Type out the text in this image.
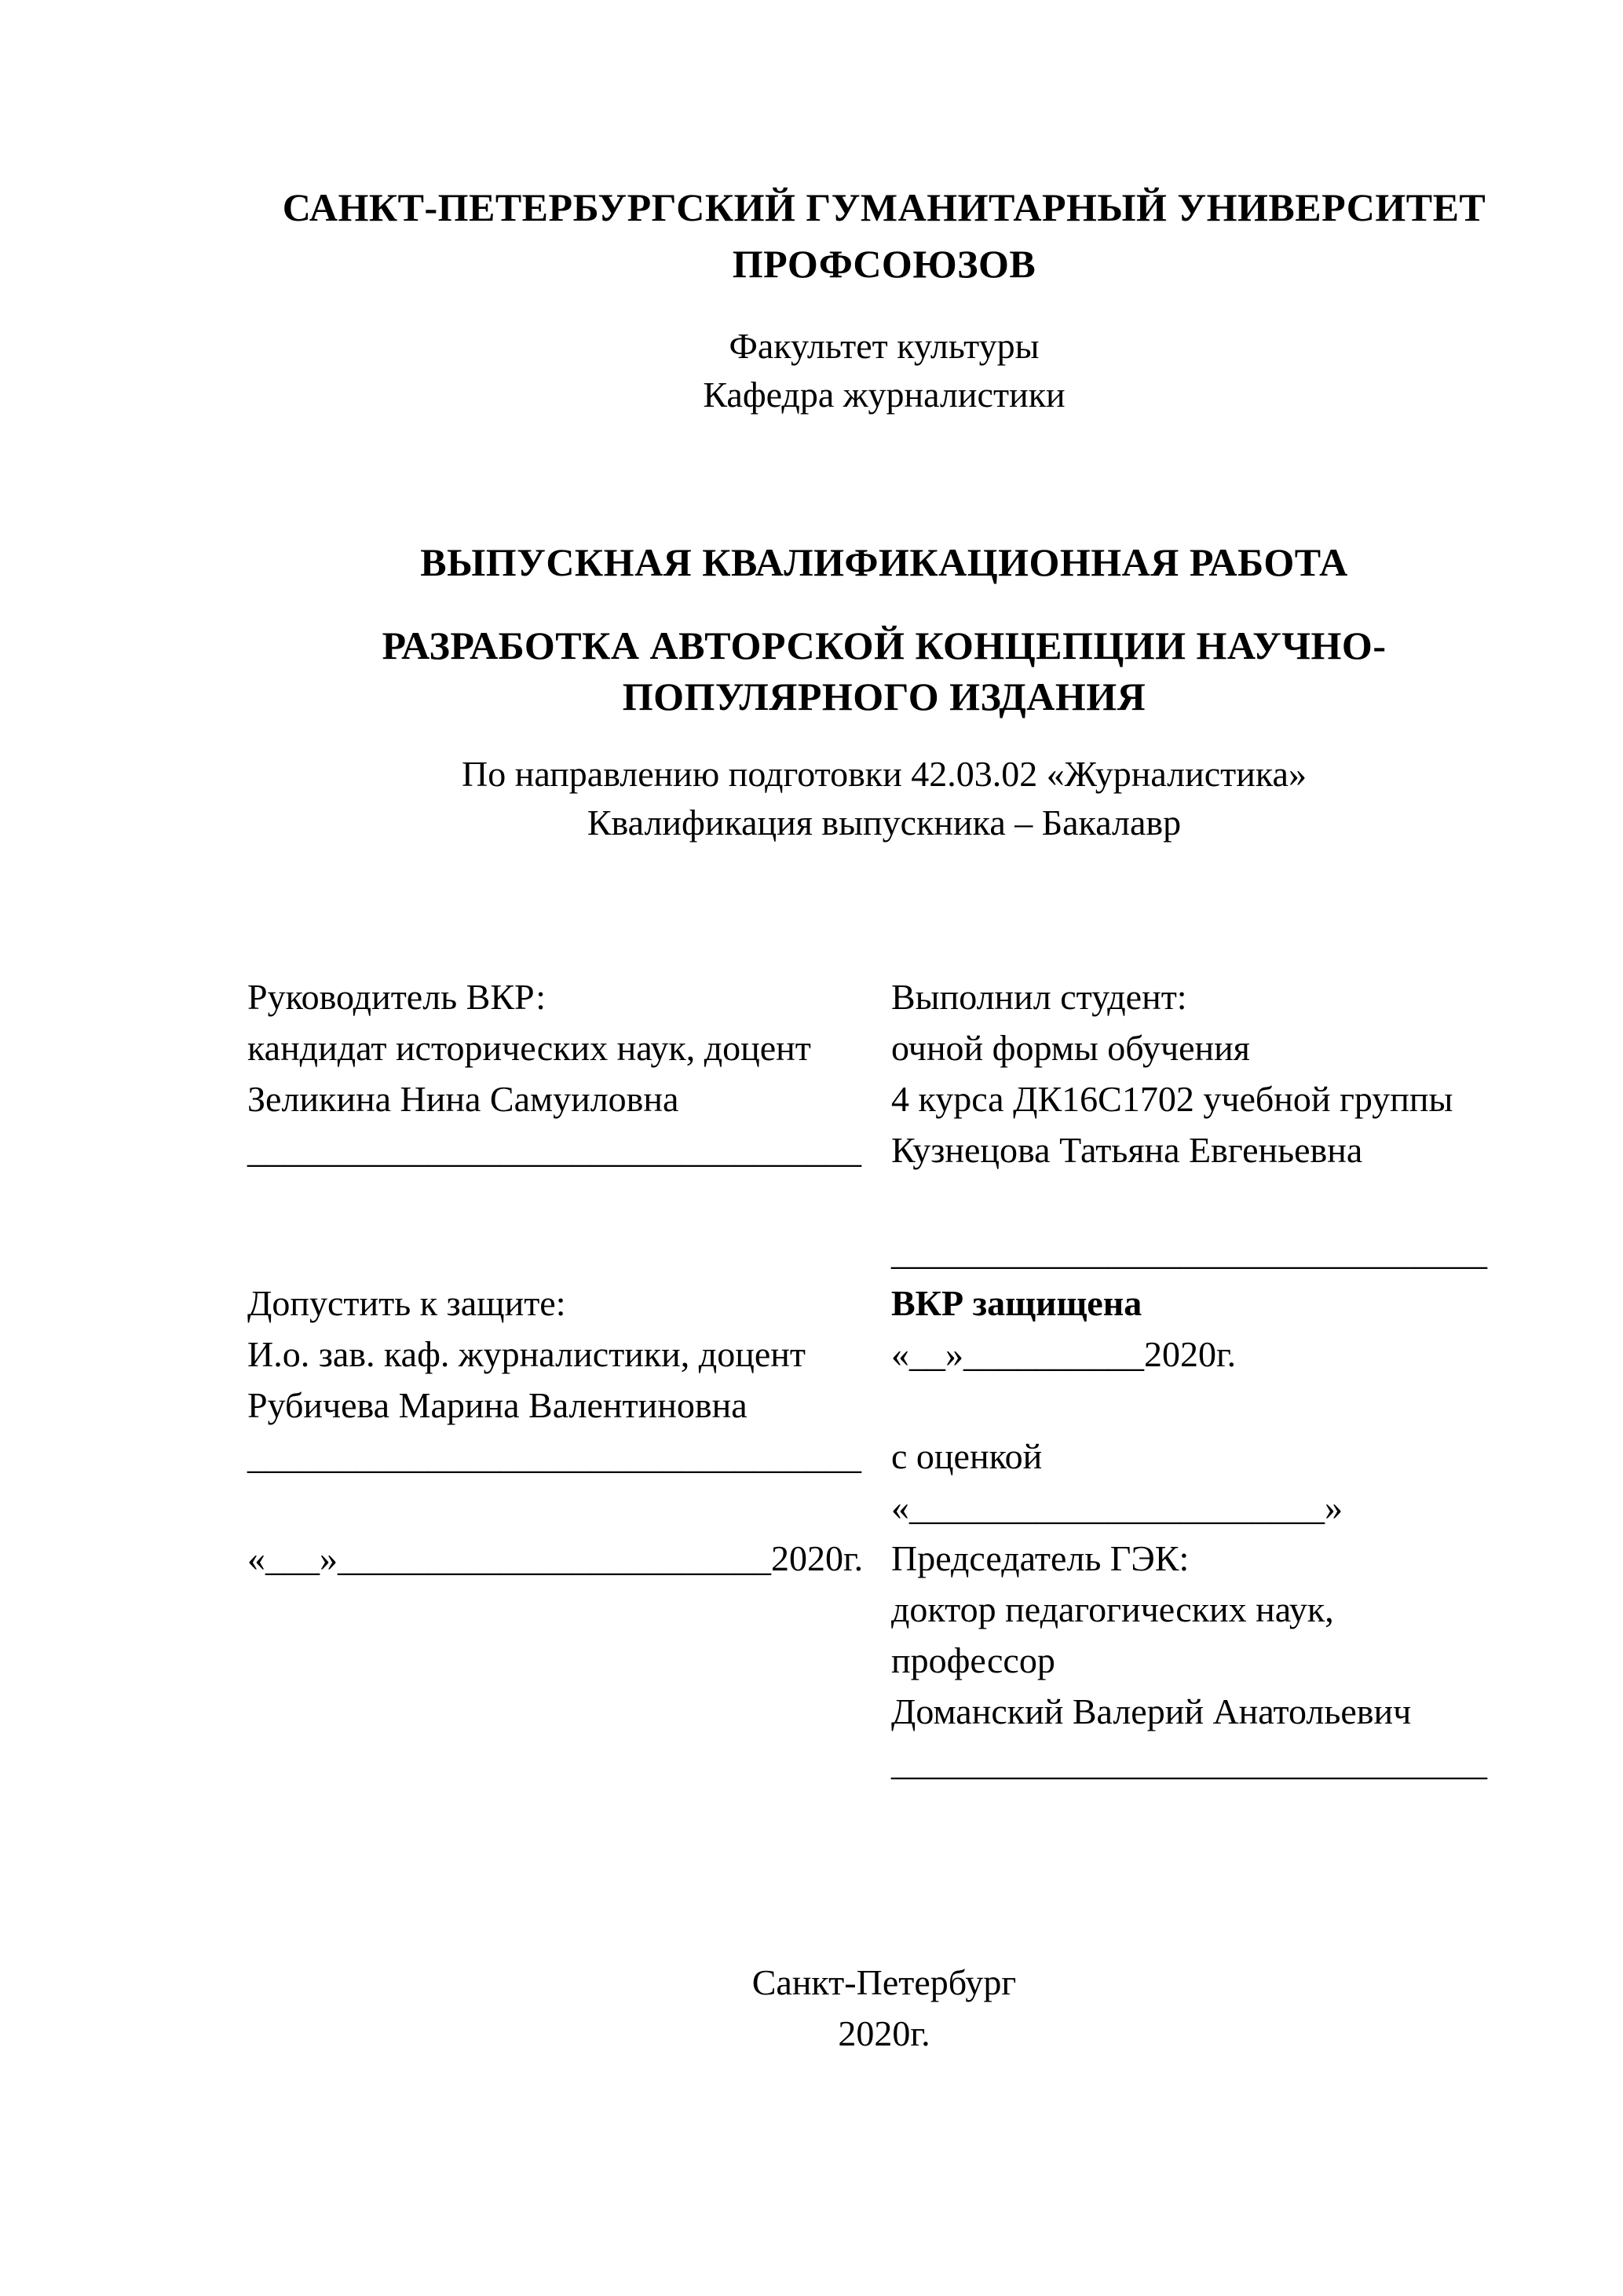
САНКТ-ПЕТЕРБУРГСКИЙ ГУМАНИТАРНЫЙ УНИВЕРСИТЕТ ПРОФСОЮЗОВ
Факультет культуры
Кафедра журналистики
ВЫПУСКНАЯ КВАЛИФИКАЦИОННАЯ РАБОТА
РАЗРАБОТКА АВТОРСКОЙ КОНЦЕПЦИИ НАУЧНО-ПОПУЛЯРНОГО ИЗДАНИЯ
По направлению подготовки 42.03.02 «Журналистика»
Квалификация выпускника – Бакалавр
Руководитель ВКР:
кандидат исторических наук, доцент
Зеликина Нина Самуиловна
__________________________________
Допустить к защите:
И.о. зав. каф. журналистики, доцент
Рубичева Марина Валентиновна
__________________________________
«___»________________________2020г.
Выполнил студент:
очной формы обучения
4 курса ДК16С1702 учебной группы
Кузнецова Татьяна Евгеньевна
_________________________________
ВКР защищена
«__»__________2020г.
с оценкой
«_______________________»
Председатель ГЭК:
доктор педагогических наук,
профессор
Доманский Валерий Анатольевич
_________________________________
Санкт-Петербург
2020г.
